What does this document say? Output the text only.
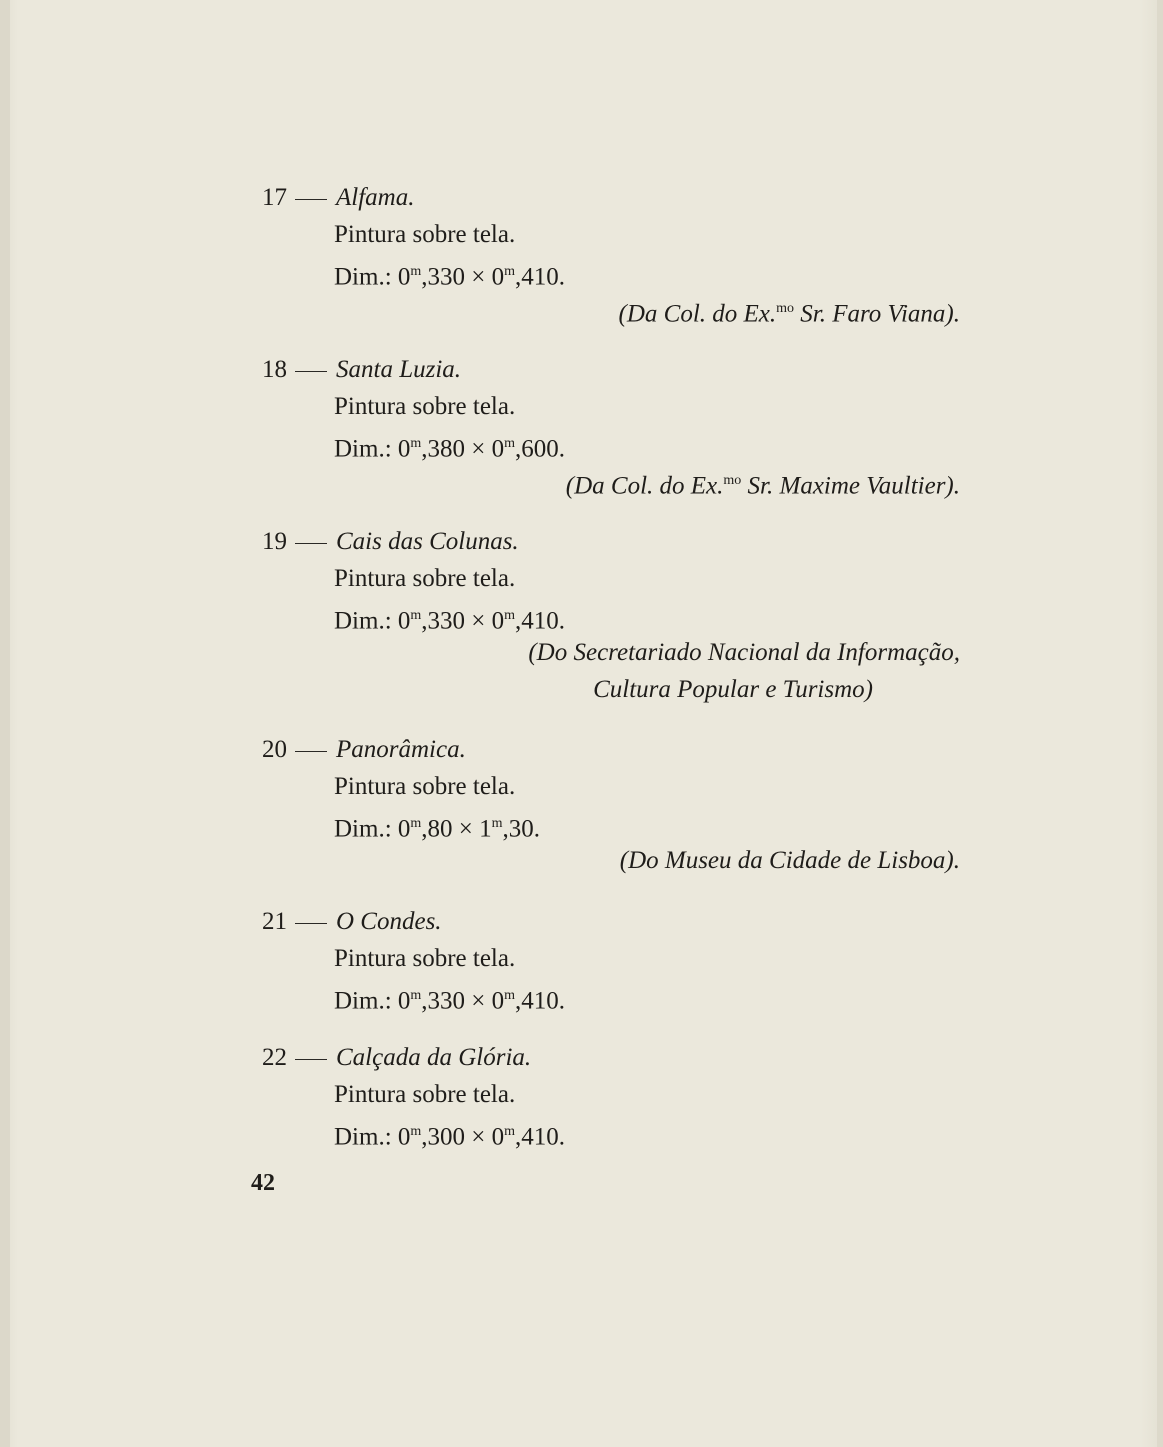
17	Alfama.
Pintura sobre tela.
Dim.: $0^m,330 \times 0^m,410$.
(Da Col. do Ex.$^{mo}$ Sr. Faro Viana).
18	Santa Luzia.
Pintura sobre tela.
Dim.: $0^m,380 \times 0^m,600$.
(Da Col. do Ex.$^{mo}$ Sr. Maxime Vaultier).
19	Cais das Colunas.
Pintura sobre tela.
Dim.: $0^m,330 \times 0^m,410$.
(Do Secretariado Nacional da Informação,
Cultura Popular e Turismo)
20	Panorâmica.
Pintura sobre tela.
Dim.: $0^m,80 \times 1^m,30$.
(Do Museu da Cidade de Lisboa).
21	O Condes.
Pintura sobre tela.
Dim.: $0^m,330 \times 0^m,410$.
22	Calçada da Glória.
Pintura sobre tela.
Dim.: $0^m,300 \times 0^m,410$.
42
